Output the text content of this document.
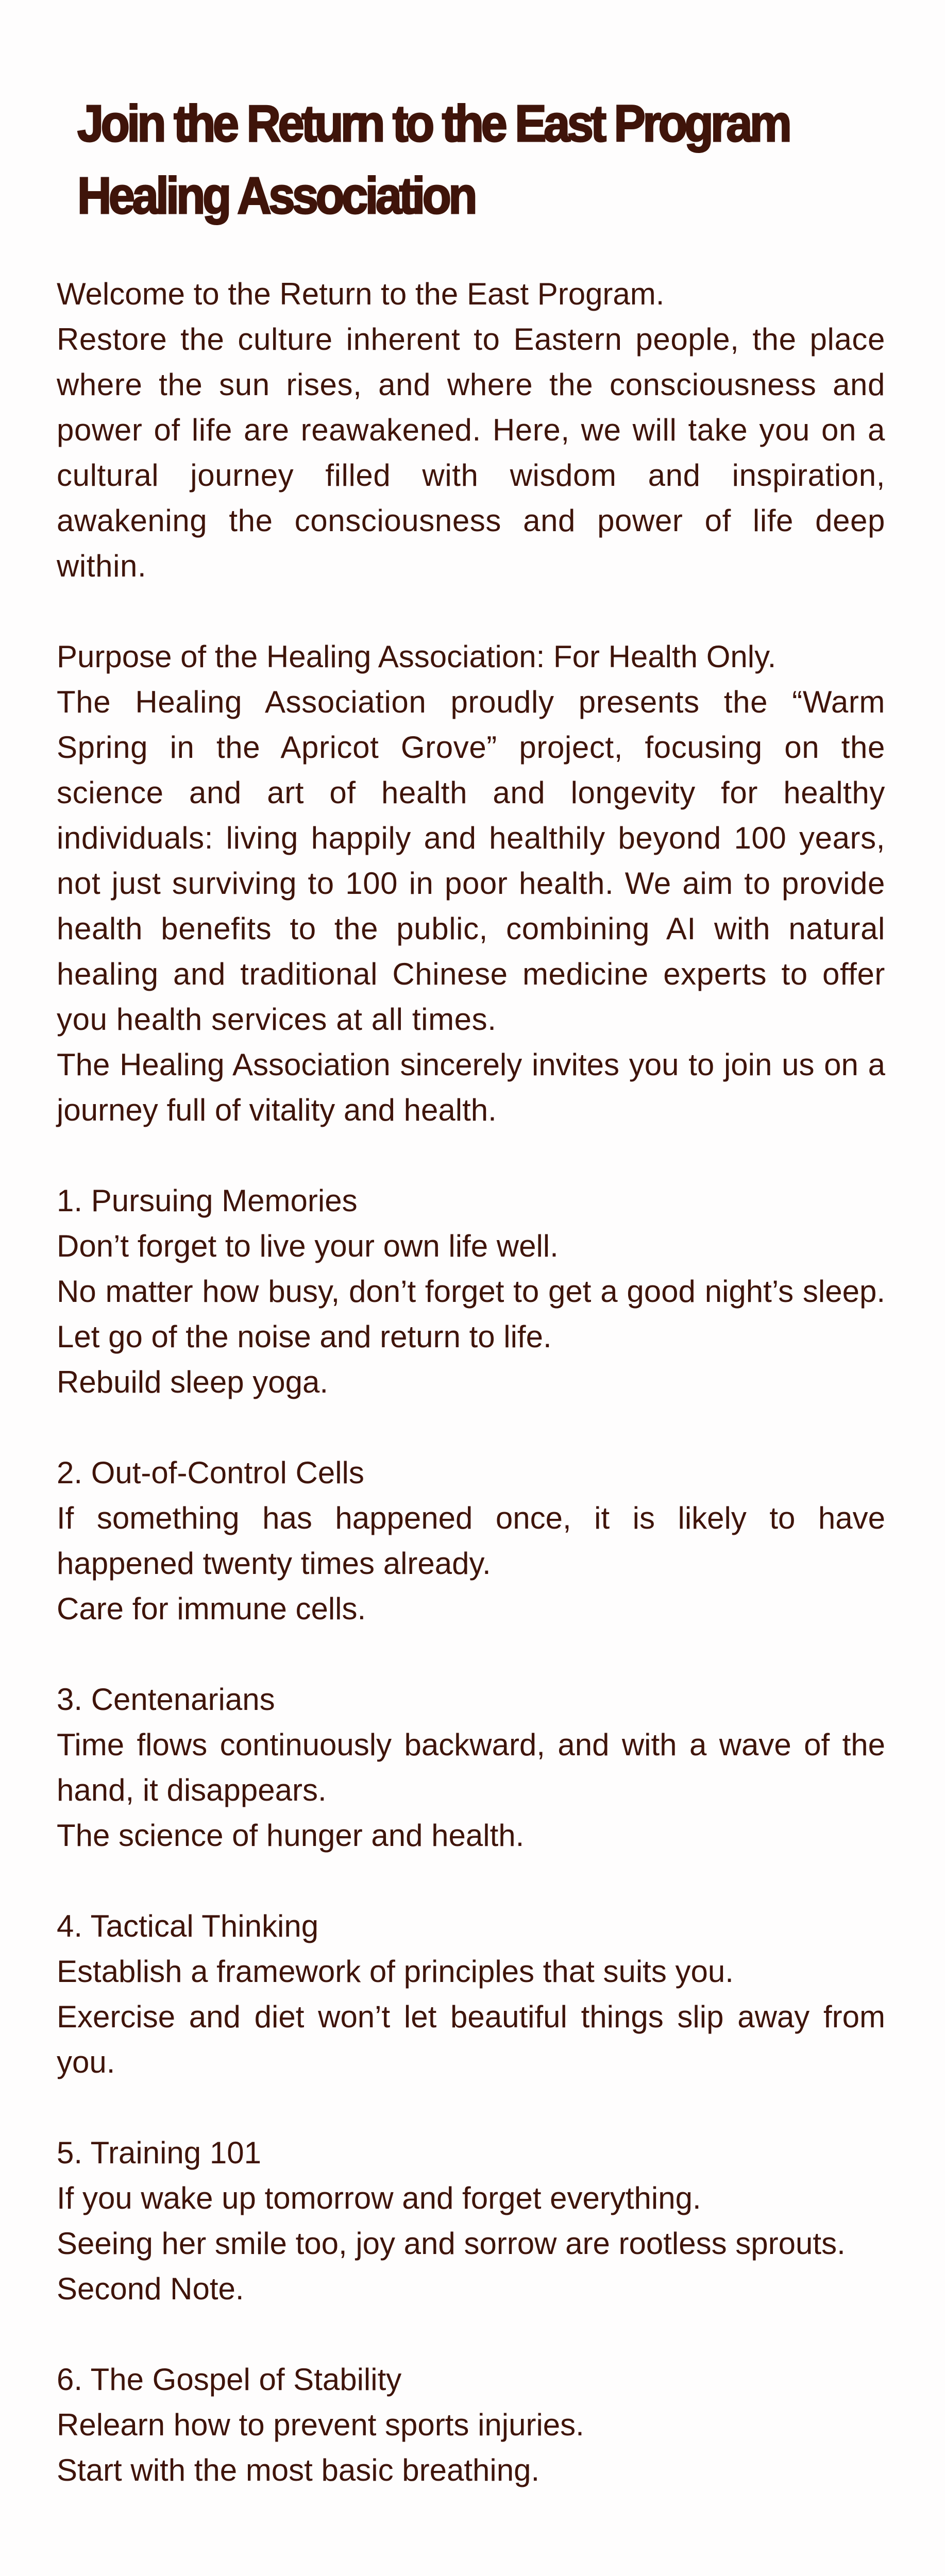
Join the Return to the East Program
Healing Association

Welcome to the Return to the East Program.

Restore the culture inherent to Eastern people, the place where the sun rises, and where the consciousness and power of life are reawakened. Here, we will take you on a cultural journey filled with wisdom and inspiration, awakening the consciousness and power of life deep within.

Purpose of the Healing Association: For Health Only.

The Healing Association proudly presents the “Warm Spring in the Apricot Grove” project, focusing on the science and art of health and longevity for healthy individuals: living happily and healthily beyond 100 years, not just surviving to 100 in poor health. We aim to provide health benefits to the public, combining AI with natural healing and traditional Chinese medicine experts to offer you health services at all times.

The Healing Association sincerely invites you to join us on a journey full of vitality and health.

1. Pursuing Memories

Don’t forget to live your own life well.

No matter how busy, don’t forget to get a good night’s sleep. Let go of the noise and return to life.

Rebuild sleep yoga.

2. Out-of-Control Cells

If something has happened once, it is likely to have happened twenty times already.

Care for immune cells.

3. Centenarians

Time flows continuously backward, and with a wave of the hand, it disappears.

The science of hunger and health.

4. Tactical Thinking

Establish a framework of principles that suits you.

Exercise and diet won’t let beautiful things slip away from you.

5. Training 101

If you wake up tomorrow and forget everything.

Seeing her smile too, joy and sorrow are rootless sprouts.

Second Note.

6. The Gospel of Stability

Relearn how to prevent sports injuries.

Start with the most basic breathing.
